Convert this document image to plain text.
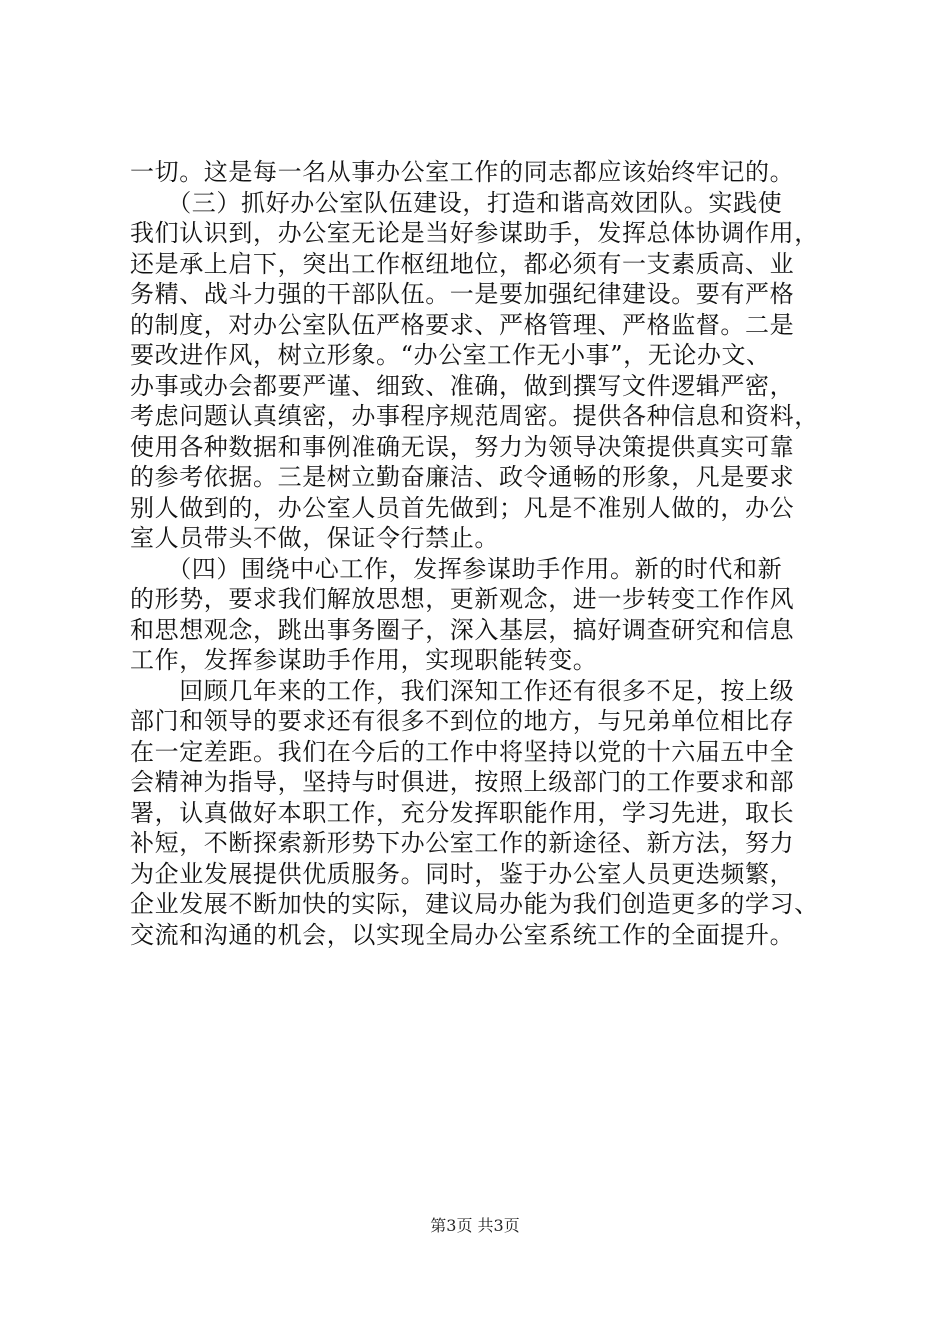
一切。这是每一名从事办公室工作的同志都应该始终牢记的。
　　（三）抓好办公室队伍建设，打造和谐高效团队。实践使
我们认识到，办公室无论是当好参谋助手，发挥总体协调作用，
还是承上启下，突出工作枢纽地位，都必须有一支素质高、业
务精、战斗力强的干部队伍。一是要加强纪律建设。要有严格
的制度，对办公室队伍严格要求、严格管理、严格监督。二是
要改进作风，树立形象。“办公室工作无小事”，无论办文、
办事或办会都要严谨、细致、准确，做到撰写文件逻辑严密，
考虑问题认真缜密，办事程序规范周密。提供各种信息和资料，
使用各种数据和事例准确无误，努力为领导决策提供真实可靠
的参考依据。三是树立勤奋廉洁、政令通畅的形象，凡是要求
别人做到的，办公室人员首先做到；凡是不准别人做的，办公
室人员带头不做，保证令行禁止。
　　（四）围绕中心工作，发挥参谋助手作用。新的时代和新
的形势，要求我们解放思想，更新观念，进一步转变工作作风
和思想观念，跳出事务圈子，深入基层，搞好调查研究和信息
工作，发挥参谋助手作用，实现职能转变。
　　回顾几年来的工作，我们深知工作还有很多不足，按上级
部门和领导的要求还有很多不到位的地方，与兄弟单位相比存
在一定差距。我们在今后的工作中将坚持以党的十六届五中全
会精神为指导，坚持与时俱进，按照上级部门的工作要求和部
署，认真做好本职工作，充分发挥职能作用，学习先进，取长
补短，不断探索新形势下办公室工作的新途径、新方法，努力
为企业发展提供优质服务。同时，鉴于办公室人员更迭频繁，
企业发展不断加快的实际，建议局办能为我们创造更多的学习、
交流和沟通的机会，以实现全局办公室系统工作的全面提升。
第3页 共3页
